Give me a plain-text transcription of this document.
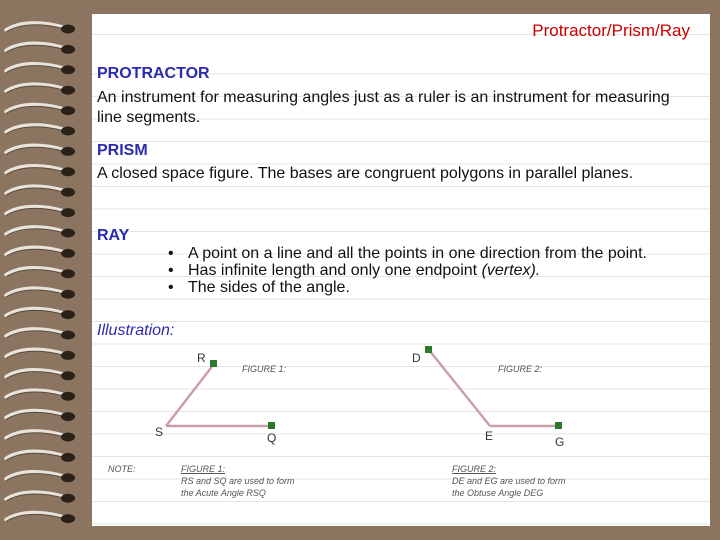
Protractor/Prism/Ray
PROTRACTOR
An instrument for measuring angles just as a ruler is an instrument for measuring line segments.
PRISM
A closed space figure. The bases are congruent polygons in parallel planes.
RAY
• A point on a line and all the points in one direction from the point.
• Has infinite length and only one endpoint (vertex).
• The sides of the angle.
Illustration:
R
S	Q
FIGURE 1:
D
E	G
FIGURE 2:
NOTE:	FIGURE 1:
RS and SQ are used to form
the Acute Angle RSQ
FIGURE 2:
DE and EG are used to form
the Obtuse Angle DEG
